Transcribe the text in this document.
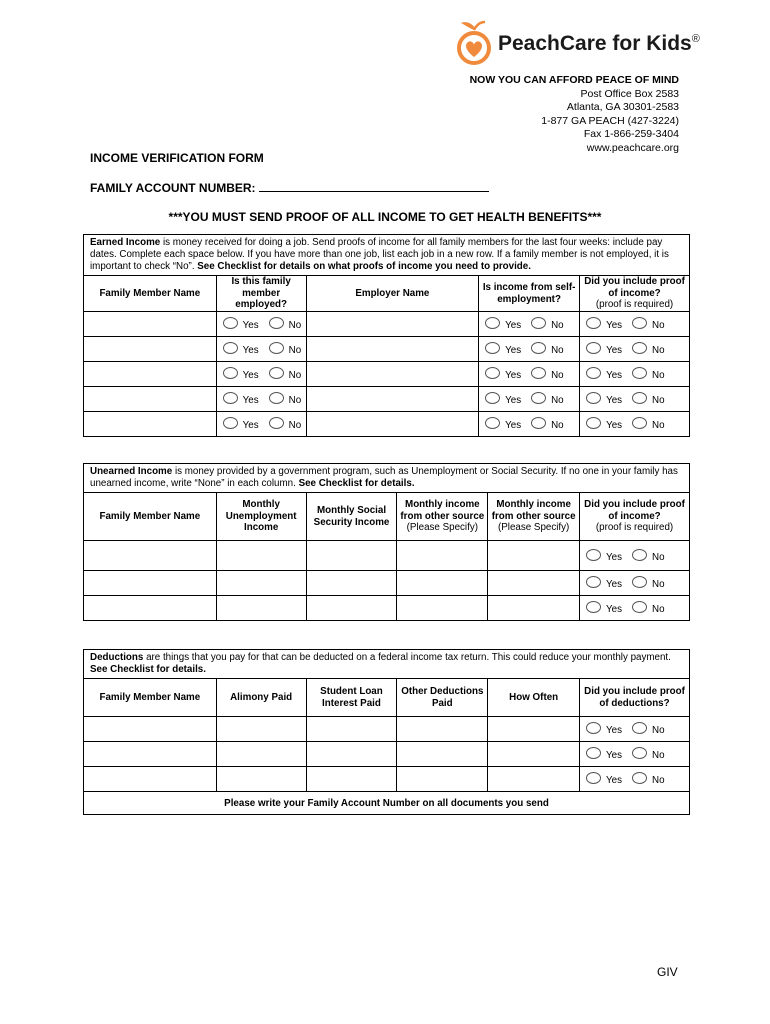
PeachCare for Kids®
NOW YOU CAN AFFORD PEACE OF MIND
Post Office Box 2583
Atlanta, GA 30301-2583
1-877 GA PEACH (427-3224)
Fax 1-866-259-3404
www.peachcare.org
INCOME VERIFICATION FORM
FAMILY ACCOUNT NUMBER:
***YOU MUST SEND PROOF OF ALL INCOME TO GET HEALTH BENEFITS***
Earned Income is money received for doing a job. Send proofs of income for all family members for the last four weeks: include pay dates. Complete each space below. If you have more than one job, list each job in a new row. If a family member is not employed, it is important to check “No”. See Checklist for details on what proofs of income you need to provide.				
Family Member Name	Is this family member employed?	Employer Name	Is income from self-employment?	Did you include proof of income?
(proof is required)
	Yes No		Yes No	Yes No
	Yes No		Yes No	Yes No
	Yes No		Yes No	Yes No
	Yes No		Yes No	Yes No
	Yes No		Yes No	Yes No
Unearned Income is money provided by a government program, such as Unemployment or Social Security. If no one in your family has unearned income, write “None” in each column. See Checklist for details.					
Family Member Name	Monthly Unemployment Income	Monthly Social Security Income	Monthly income from other source (Please Specify)	Monthly income from other source
(Please Specify)	Did you include proof of income?
(proof is required)
					Yes No
					Yes No
					Yes No
Deductions are things that you pay for that can be deducted on a federal income tax return. This could reduce your monthly payment. See Checklist for details.					
Family Member Name	Alimony Paid	Student Loan Interest Paid	Other Deductions Paid	How Often	Did you include proof of deductions?
					Yes No
					Yes No
					Yes No
Please write your Family Account Number on all documents you send					
GIV
